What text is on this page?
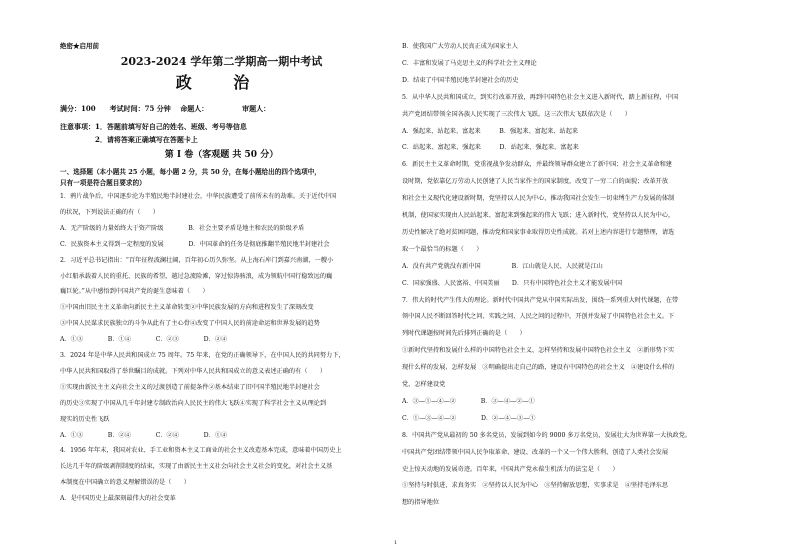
绝密★启用前
2023-2024 学年第二学期高一期中考试
政 治
满分：100　　考试时间：75 分钟　 命题人：　　　　　 审题人：
注意事项：1．答题前填写好自己的姓名、班级、考号等信息
　　　　　2．请将答案正确填写在答题卡上
第 I 卷（客观题 共 50 分）
一、选择题（本小题共 25 小题，每小题 2 分，共 50 分，在每小题给出的四个选项中，
只有一项是符合题目要求的）
1．鸦片战争后，中国逐步沦为半殖民地半封建社会，中华民族遭受了前所未有的劫难。关于近代中国
的状况，下列说法正确的有（　　）
A．无产阶级的力量始终大于资产阶级　　　　B．社会主要矛盾是地主和农民的阶级矛盾
C．民族资本主义得到一定程度的发展　　　　D．中国革命的任务是彻底推翻半殖民地半封建社会
2．习近平总书记指出：“百年征程波澜壮阔，百年初心历久弥坚。从上海石库门到嘉兴南湖，一艘小
小红船承载着人民的重托、民族的希望，越过急流险滩，穿过惊涛骇浪，成为领航中国行稳致远的巍
巍巨轮。”从中感悟到中国共产党的诞生意味着（　　）
①中国由旧民主主义革命向新民主主义革命转变②中华民族发展的方向和进程发生了深刻改变
③中国人民谋求民族独立的斗争从此有了主心骨④改变了中国人民的前途命运和世界发展的趋势
A．①③　　　　B．①④　　　　C．②③　　　　D．②④
3．2024 年是中华人民共和国成立 75 周年。75 年来，在党的正确领导下，在中国人民的共同努力下，
中华人民共和国取得了举世瞩目的成就。下列对中华人民共和国成立的意义表述正确的有（　　）
①实现由新民主主义向社会主义的过渡创造了前提条件②基本结束了旧中国半殖民地半封建社会
的历史③实现了中国从几千年封建专制政治向人民民主的伟大飞跃④实现了科学社会主义从理论到
现实的历史性飞跃
A．①③　　　　B．②④　　　　C．②④　　　　D．①④
4．1956 年年末，我国对农业、手工业和资本主义工商业的社会主义改造基本完成，意味着中国历史上
长达几千年的阶级剥削制度的结束，实现了由新民主主义社会向社会主义社会的变化，对社会主义基
本制度在中国确立的意义理解错误的是（　　）
A．是中国历史上最深刻最伟大的社会变革
B．使我国广大劳动人民真正成为国家主人
C．丰富和发展了马克思主义的科学社会主义理论
D．结束了中国半殖民地半封建社会的历史
5．从中华人民共和国成立，到实行改革开放，再到中国特色社会主义进入新时代，踏上新征程，中国
共产党团结带领全国各族人民实现了三次伟大飞跃。这三次伟大飞跃依次是（　　）
A．强起来、站起来、富起来　　　B．强起来、富起来、站起来
C．站起来、富起来、强起来　　　D．站起来、强起来、富起来
6．新民主主义革命时期，党重视战争发动群众，并最终领导群众建立了新中国；社会主义革命和建
设时期，党依靠亿万劳动人民创建了人民当家作主的国家制度，改变了一穷二白的面貌；改革开放
和社会主义现代化建设新时期，党坚持以人民为中心，推动我国社会发生一切束缚生产力发展的体制
机制，使国家实现由人民站起来、富起来到强起来的伟大飞跃；进入新时代，党坚持以人民为中心，
历史性解决了绝对贫困问题，推动党和国家事业取得历史性成就。若对上述内容进行专题整理，请选
取一个最恰当的标题（　　）
A．没有共产党就没有新中国　　　　　B．江山就是人民、人民就是江山
C．国家强盛、人民富裕、中国美丽　　D．只有中国特色社会主义才能发展中国
7．伟大的时代产生伟大的理论。新时代中国共产党从中国实际出发，围绕一系列重大时代课题，在带
领中国人民不断回答时代之问、实践之问、人民之问的过程中，开创并发展了中国特色社会主义。下
列时代课题按时间先后排列正确的是（　　）
①新时代坚持和发展什么样的中国特色社会主义、怎样坚持和发展中国特色社会主义　②新形势下实
现什么样的发展、怎样发展　③明确提出走自己的路，建设有中国特色的社会主义　④建设什么样的
党，怎样建设党
A．③—①—④—②　　　　B．③—④—②—①
C．①—③—④—②　　　　D．②—④—③—①
8．中国共产党从最初的 50 多名党员，发展到如今的 9000 多万名党员，发展壮大为世界第一大执政党。
中国共产党团结带领中国人民争取革命、建设、改革的一个又一个伟大胜利，创造了人类社会发展
史上惊天动地的发展奇迹。百年来，中国共产党永葆生机活力的法宝是（　　）
①坚持与时俱进，求真务实　②坚持以人民为中心　③坚持解放思想，实事求是　④坚持毛泽东思
想的指导地位
1
